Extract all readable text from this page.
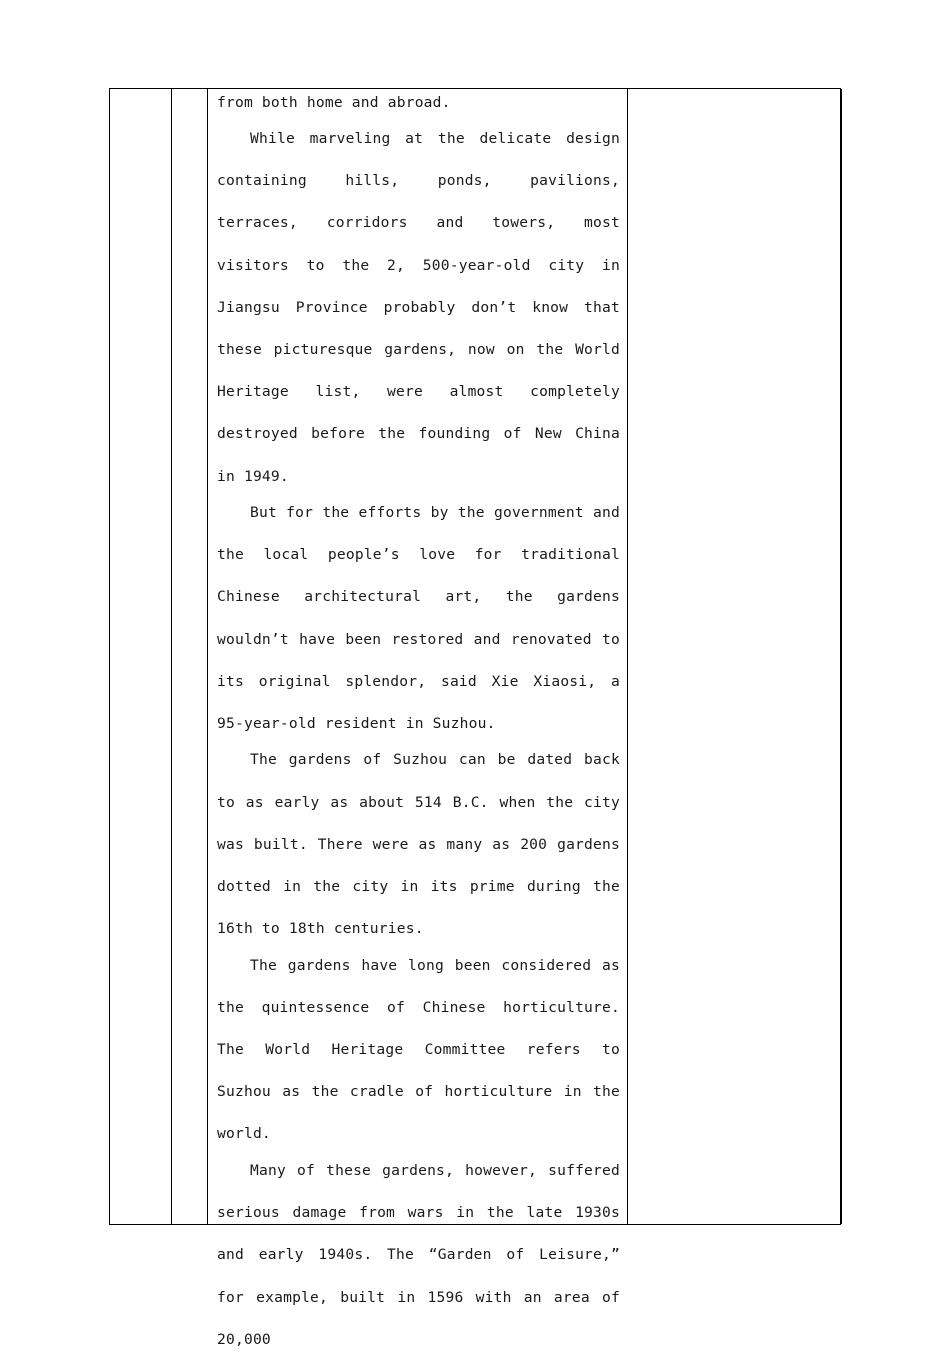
from both home and abroad.

While marveling at the delicate design containing hills, ponds, pavilions, terraces, corridors and towers, most visitors to the 2, 500-year-old city in Jiangsu Province probably don’t know that these picturesque gardens, now on the World Heritage list, were almost completely destroyed before the founding of New China in 1949.

But for the efforts by the government and the local people’s love for traditional Chinese architectural art, the gardens wouldn’t have been restored and renovated to its original splendor, said Xie Xiaosi, a 95-year-old resident in Suzhou.

The gardens of Suzhou can be dated back to as early as about 514 B.C. when the city was built. There were as many as 200 gardens dotted in the city in its prime during the 16th to 18th centuries.

The gardens have long been considered as the quintessence of Chinese horticulture. The World Heritage Committee refers to Suzhou as the cradle of horticulture in the world.

Many of these gardens, however, suffered serious damage from wars in the late 1930s and early 1940s. The “Garden of Leisure,” for example, built in 1596 with an area of 20,000
